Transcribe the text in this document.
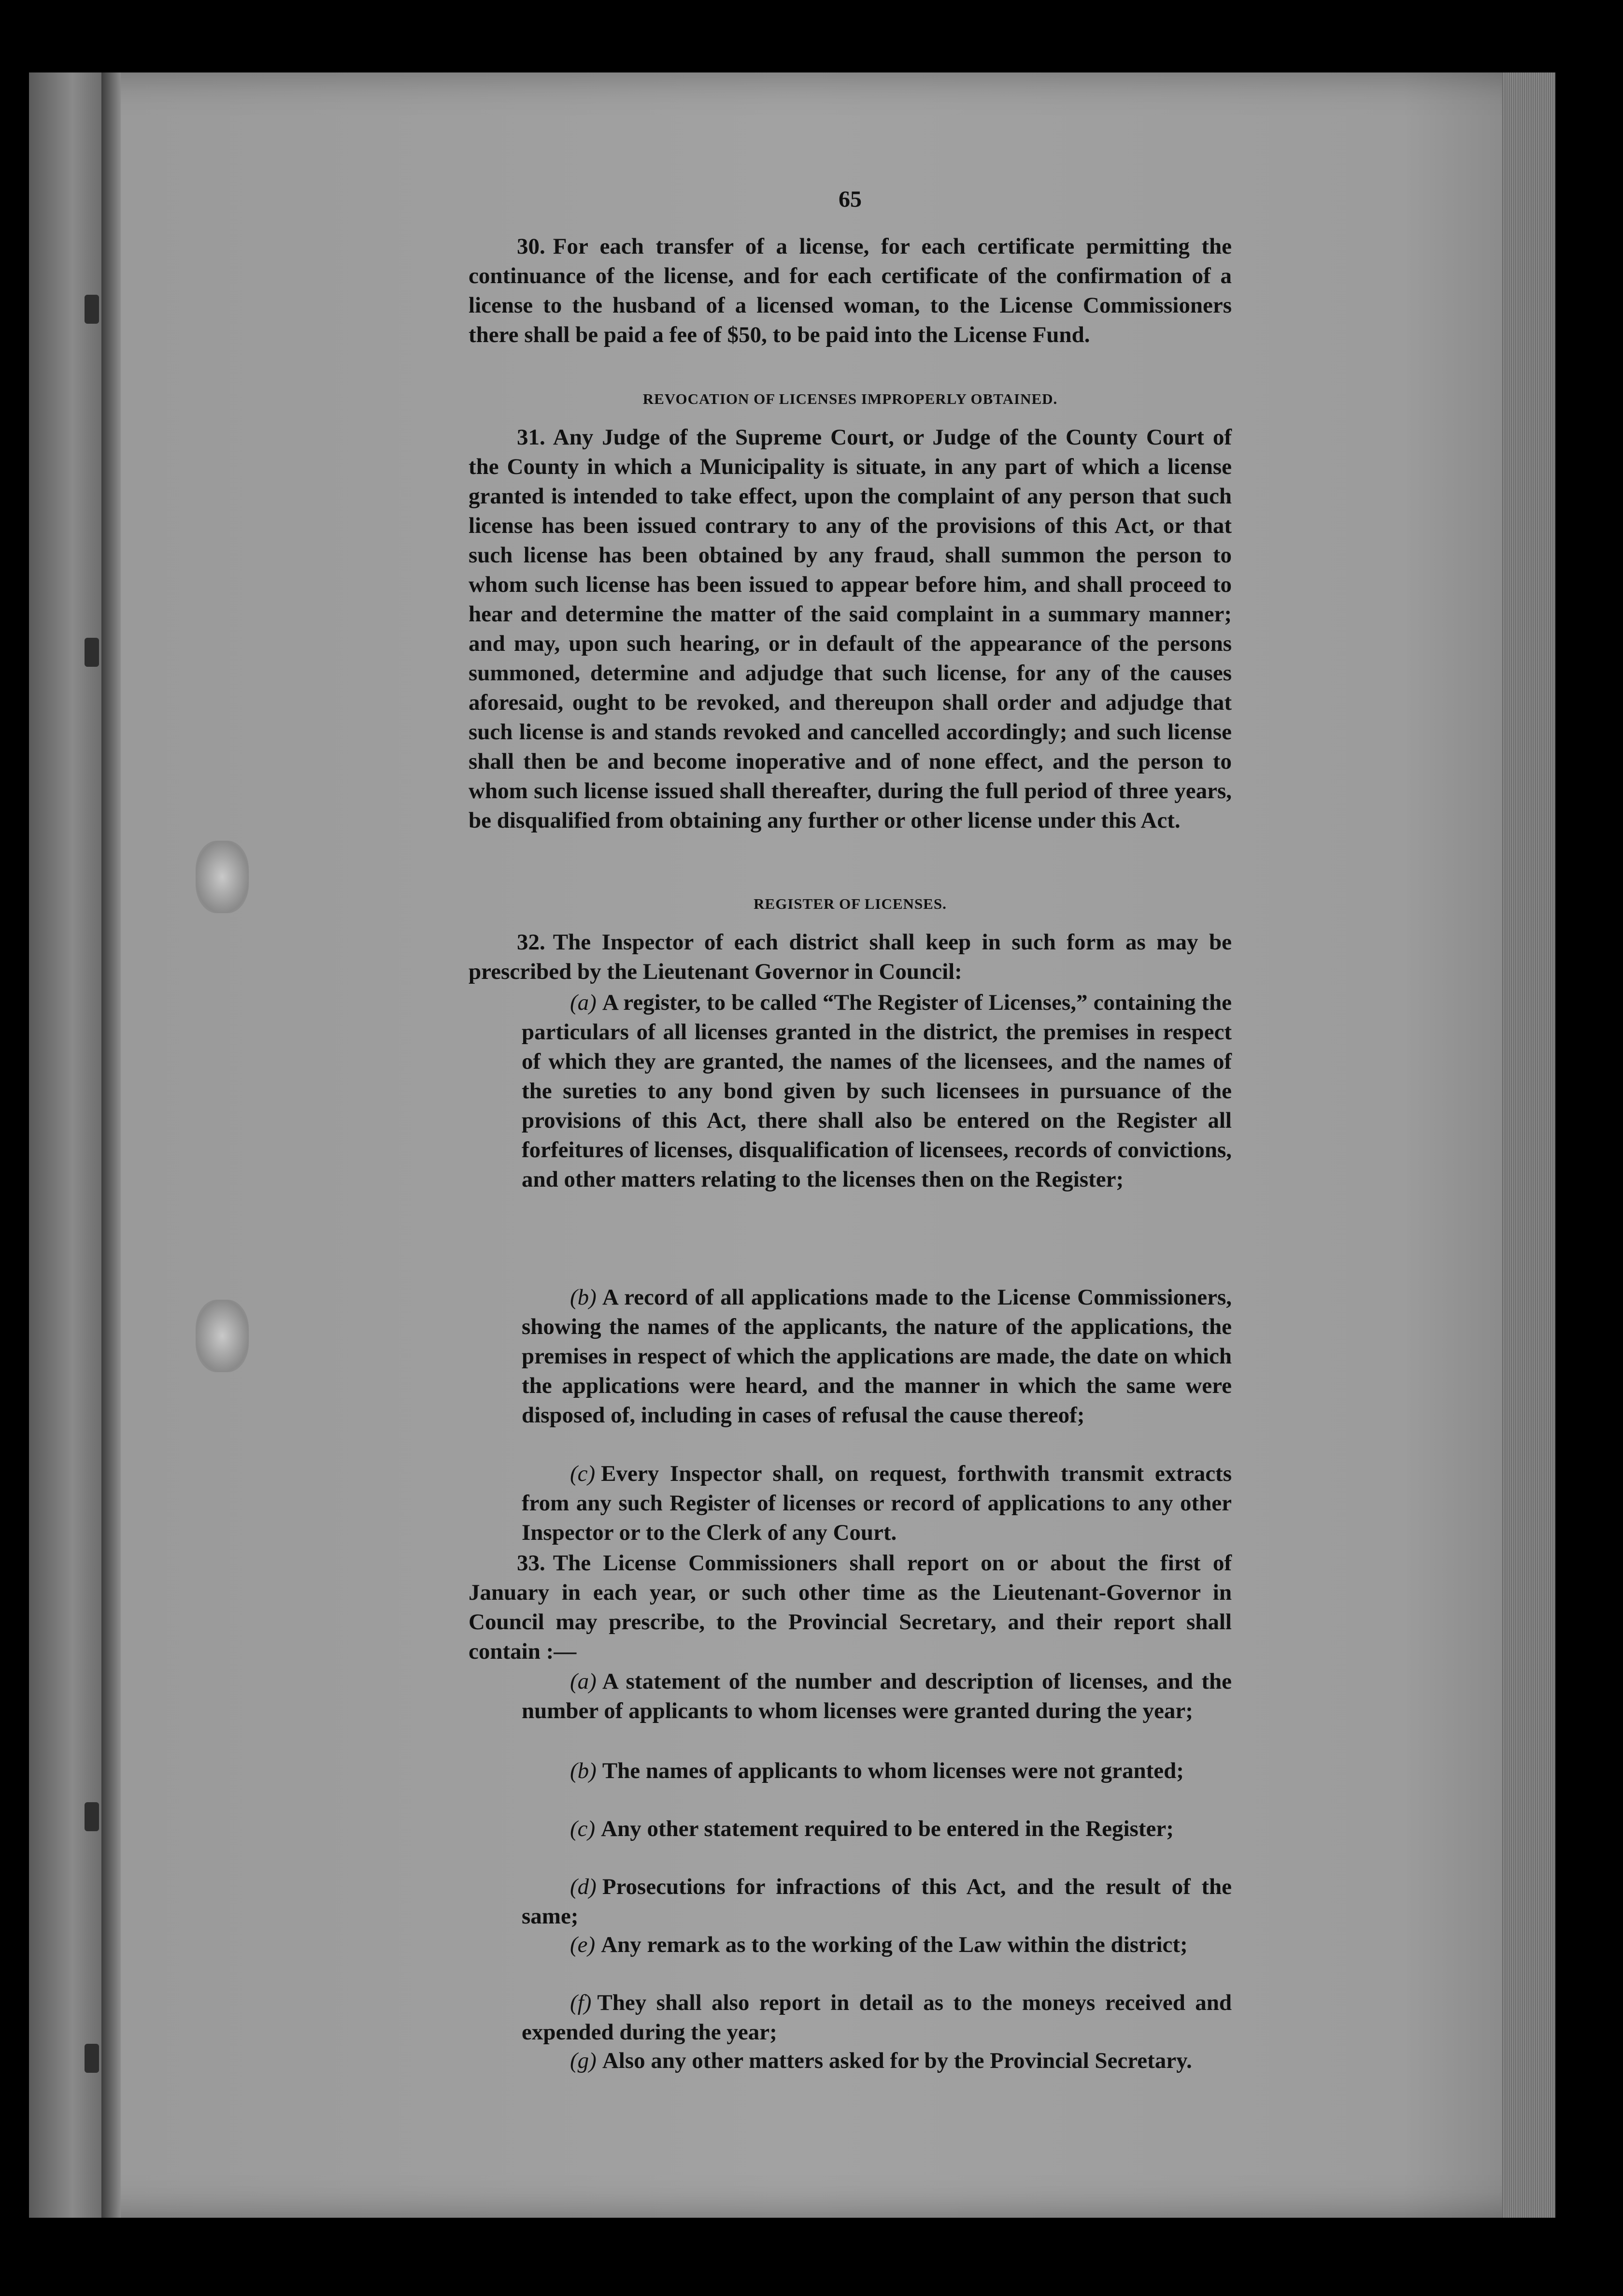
65

30. For each transfer of a license, for each certificate permitting the continuance of the license, and for each certificate of the confirmation of a license to the husband of a licensed woman, to the License Commissioners there shall be paid a fee of $50, to be paid into the License Fund.

REVOCATION OF LICENSES IMPROPERLY OBTAINED.

31. Any Judge of the Supreme Court, or Judge of the County Court of the County in which a Municipality is situate, in any part of which a license granted is intended to take effect, upon the complaint of any person that such license has been issued contrary to any of the provisions of this Act, or that such license has been obtained by any fraud, shall summon the person to whom such license has been issued to appear before him, and shall proceed to hear and determine the matter of the said complaint in a summary manner; and may, upon such hearing, or in default of the appearance of the persons summoned, determine and adjudge that such license, for any of the causes aforesaid, ought to be revoked, and thereupon shall order and adjudge that such license is and stands revoked and cancelled accordingly; and such license shall then be and become inoperative and of none effect, and the person to whom such license issued shall thereafter, during the full period of three years, be disqualified from obtaining any further or other license under this Act.

REGISTER OF LICENSES.

32. The Inspector of each district shall keep in such form as may be prescribed by the Lieutenant Governor in Council:

(a) A register, to be called “The Register of Licenses,” containing the particulars of all licenses granted in the district, the premises in respect of which they are granted, the names of the licensees, and the names of the sureties to any bond given by such licensees in pursuance of the provisions of this Act, there shall also be entered on the Register all forfeitures of licenses, disqualification of licensees, records of convictions, and other matters relating to the licenses then on the Register;

(b) A record of all applications made to the License Commissioners, showing the names of the applicants, the nature of the applications, the premises in respect of which the applications are made, the date on which the applications were heard, and the manner in which the same were disposed of, including in cases of refusal the cause thereof;

(c) Every Inspector shall, on request, forthwith transmit extracts from any such Register of licenses or record of applications to any other Inspector or to the Clerk of any Court.

33. The License Commissioners shall report on or about the first of January in each year, or such other time as the Lieutenant-Governor in Council may prescribe, to the Provincial Secretary, and their report shall contain :—

(a) A statement of the number and description of licenses, and the number of applicants to whom licenses were granted during the year;

(b) The names of applicants to whom licenses were not granted;

(c) Any other statement required to be entered in the Register;

(d) Prosecutions for infractions of this Act, and the result of the same;

(e) Any remark as to the working of the Law within the district;

(f) They shall also report in detail as to the moneys received and expended during the year;

(g) Also any other matters asked for by the Provincial Secretary.
